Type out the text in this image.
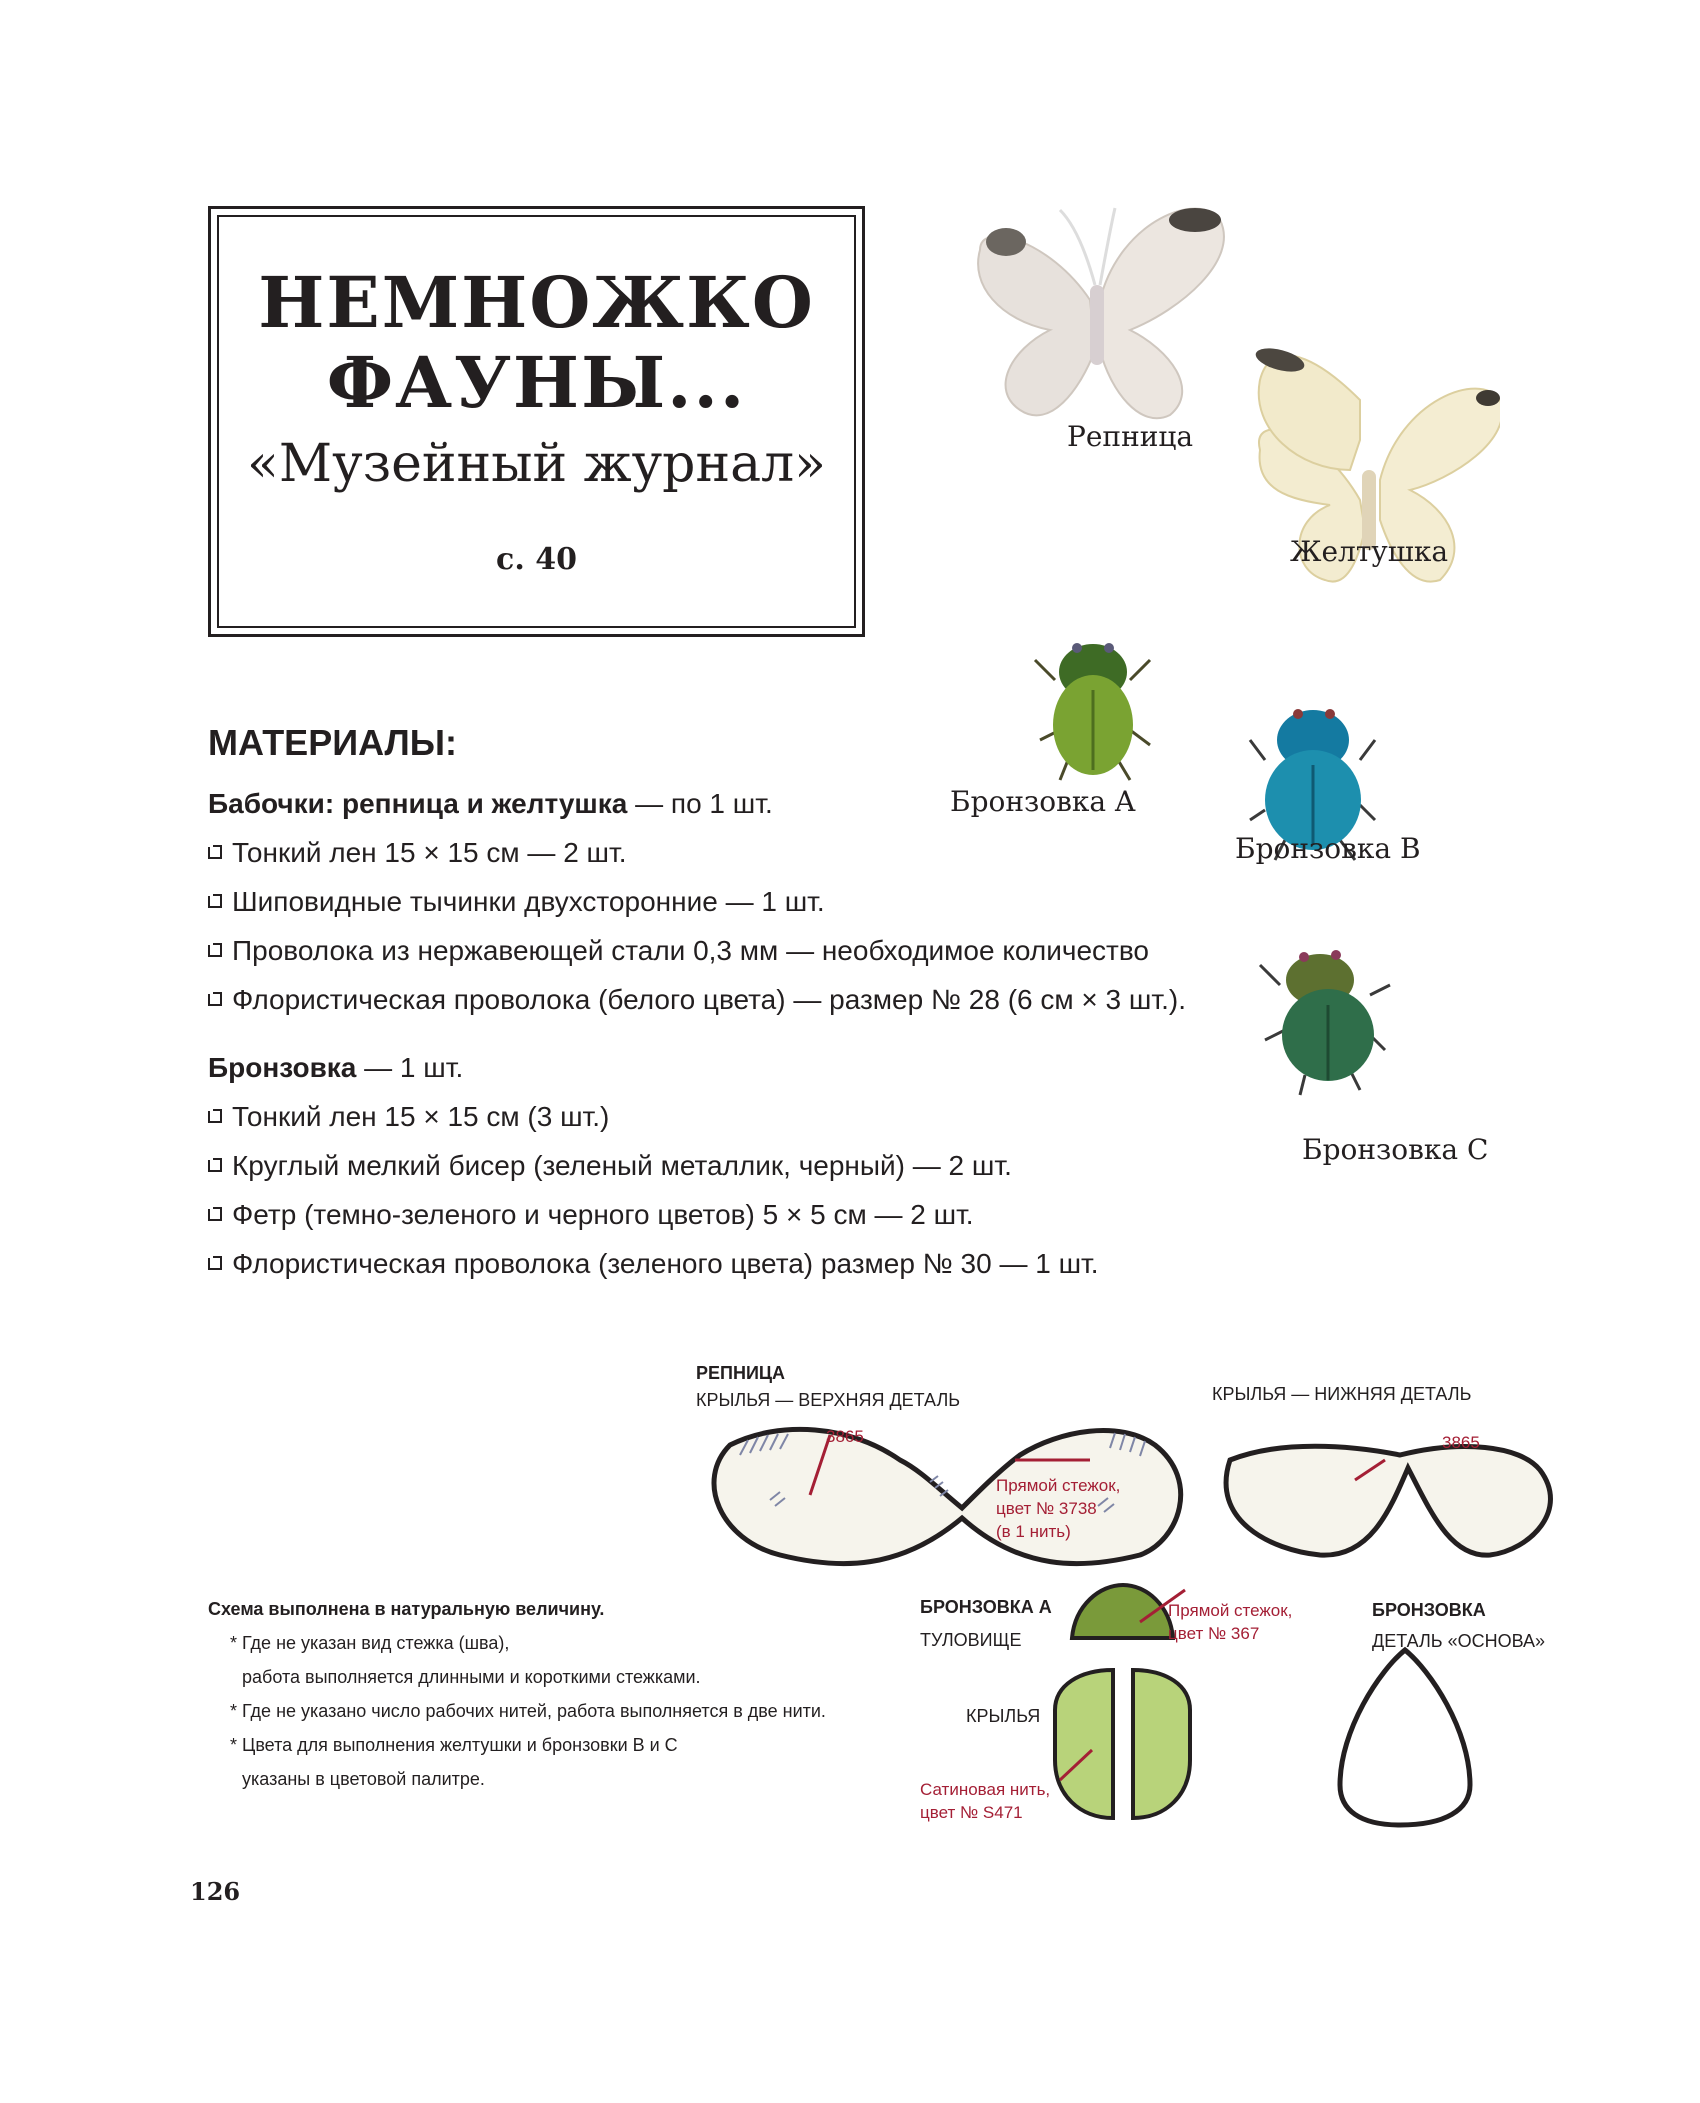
НЕМНОЖКО
ФАУНЫ...
«Музейный журнал»
с. 40
Репница
Желтушка
Бронзовка A
Бронзовка B
Бронзовка C
МАТЕРИАЛЫ:
Бабочки: репница и желтушка — по 1 шт.
Тонкий лен 15 × 15 см — 2 шт.
Шиповидные тычинки двухсторонние — 1 шт.
Проволока из нержавеющей стали 0,3 мм — необходимое количество
Флористическая проволока (белого цвета) — размер № 28 (6 см × 3 шт.).
Бронзовка — 1 шт.
Тонкий лен 15 × 15 см (3 шт.)
Круглый мелкий бисер (зеленый металлик, черный) — 2 шт.
Фетр (темно-зеленого и черного цветов) 5 × 5 см — 2 шт.
Флористическая проволока (зеленого цвета) размер № 30 — 1 шт.
РЕПНИЦА
КРЫЛЬЯ — ВЕРХНЯЯ ДЕТАЛЬ	КРЫЛЬЯ — НИЖНЯЯ ДЕТАЛЬ
3865	3865
Прямой стежок,
цвет № 3738
(в 1 нить)
БРОНЗОВКА A
ТУЛОВИЩЕ
Прямой стежок,
цвет № 367
КРЫЛЬЯ
Сатиновая нить,
цвет № S471
БРОНЗОВКА
ДЕТАЛЬ «ОСНОВА»
Схема выполнена в натуральную величину.
* Где не указан вид стежка (шва),
работа выполняется длинными и короткими стежками.
* Где не указано число рабочих нитей, работа выполняется в две нити.
* Цвета для выполнения желтушки и бронзовки B и C
указаны в цветовой палитре.
126
